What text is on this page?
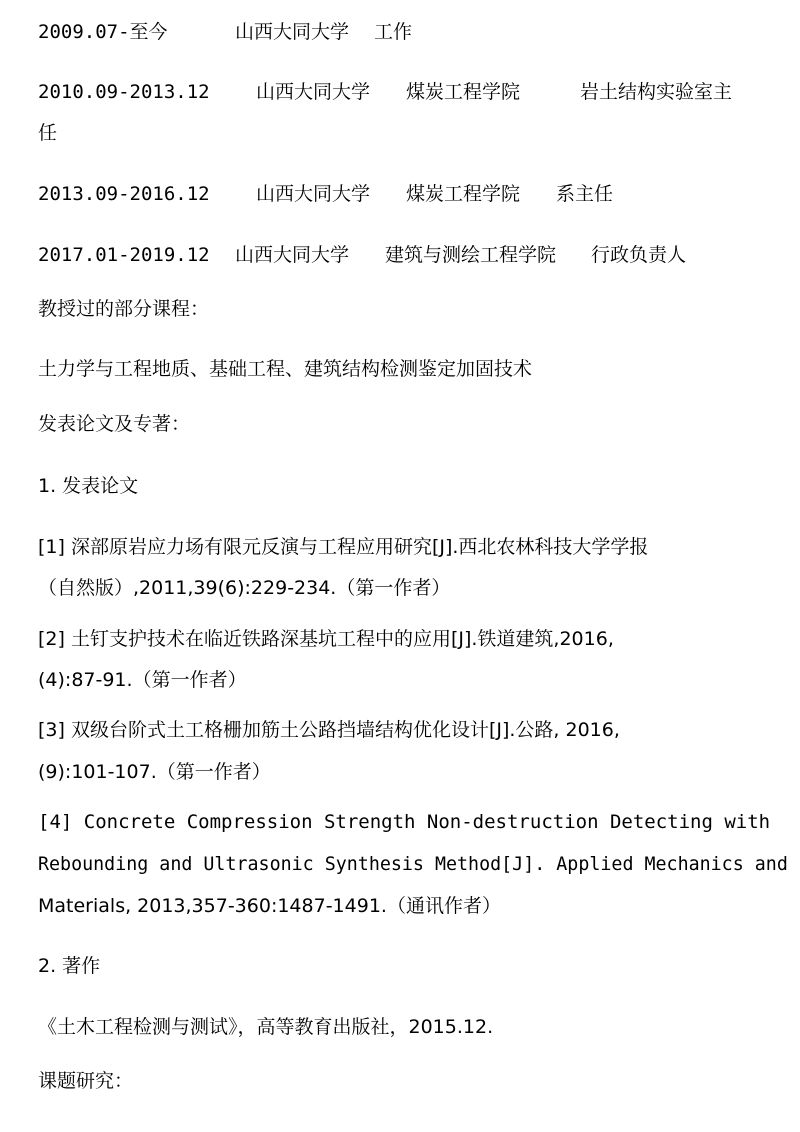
2009.07-至今	山西大同大学 工作
2010.09-2013.12 山西大同大学 煤炭工程学院	岩土结构实验室主
任
2013.09-2016.12 山西大同大学 煤炭工程学院 系主任
2017.01-2019.12 山西大同大学 建筑与测绘工程学院 行政负责人
教授过的部分课程：
土力学与工程地质、基础工程、建筑结构检测鉴定加固技术
发表论文及专著：
1. 发表论文
[1] 深部原岩应力场有限元反演与工程应用研究[J].西北农林科技大学学报
（自然版）,2011,39(6):229-234.（第一作者）
[2] 土钉支护技术在临近铁路深基坑工程中的应用[J].铁道建筑,2016,
(4):87-91.（第一作者）
[3] 双级台阶式土工格栅加筋土公路挡墙结构优化设计[J].公路, 2016,
(9):101-107.（第一作者）
[4] Concrete Compression Strength Non-destruction Detecting with
Rebounding and Ultrasonic Synthesis Method[J]. Applied Mechanics and
Materials, 2013,357-360:1487-1491.（通讯作者）
2. 著作
《土木工程检测与测试》，高等教育出版社，2015.12.
课题研究：
